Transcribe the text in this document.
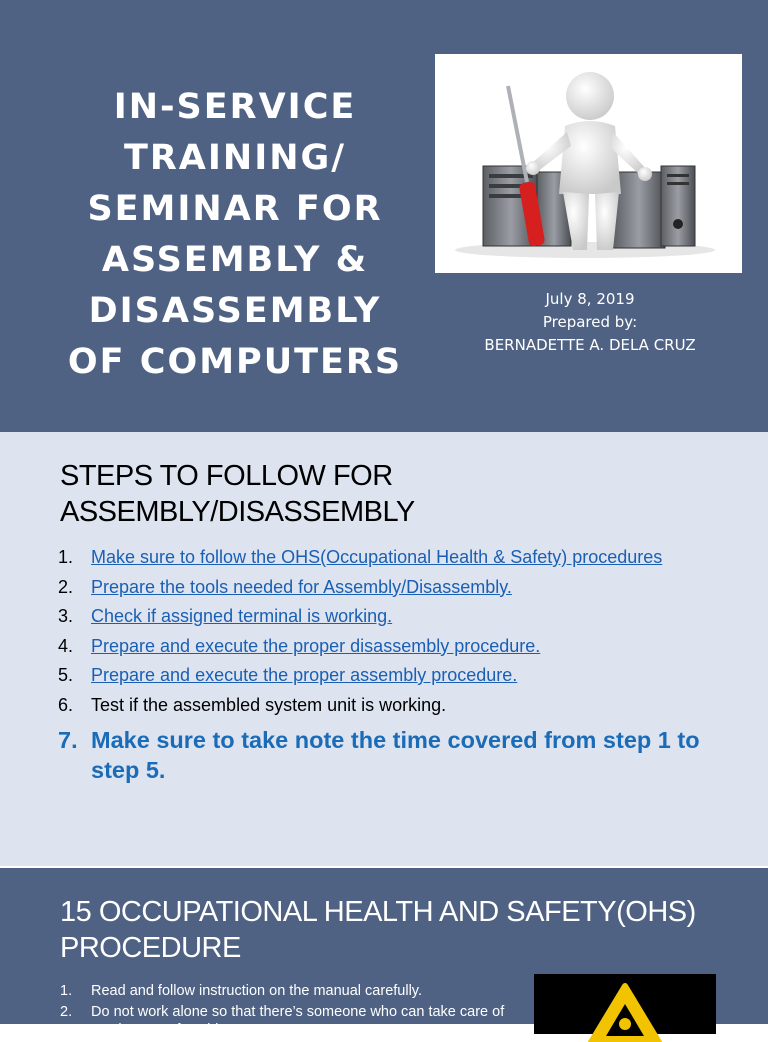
IN-SERVICE TRAINING/ SEMINAR FOR ASSEMBLY & DISASSEMBLY OF COMPUTERS
July 8, 2019
Prepared by:
BERNADETTE A. DELA CRUZ
STEPS TO FOLLOW FOR ASSEMBLY/DISASSEMBLY
1. Make sure to follow the OHS(Occupational Health & Safety) procedures
2. Prepare the tools needed for Assembly/Disassembly.
3. Check if assigned terminal is working.
4. Prepare and execute the proper disassembly procedure.
5. Prepare and execute the proper assembly procedure.
6. Test if the assembled system unit is working.
7. Make sure to take note the time covered from step 1 to step 5.
15 OCCUPATIONAL HEALTH AND SAFETY(OHS) PROCEDURE
1.	Read and follow instruction on the manual carefully.
2.	Do not work alone so that there’s someone who can take care of you in case of accident or emergency.
